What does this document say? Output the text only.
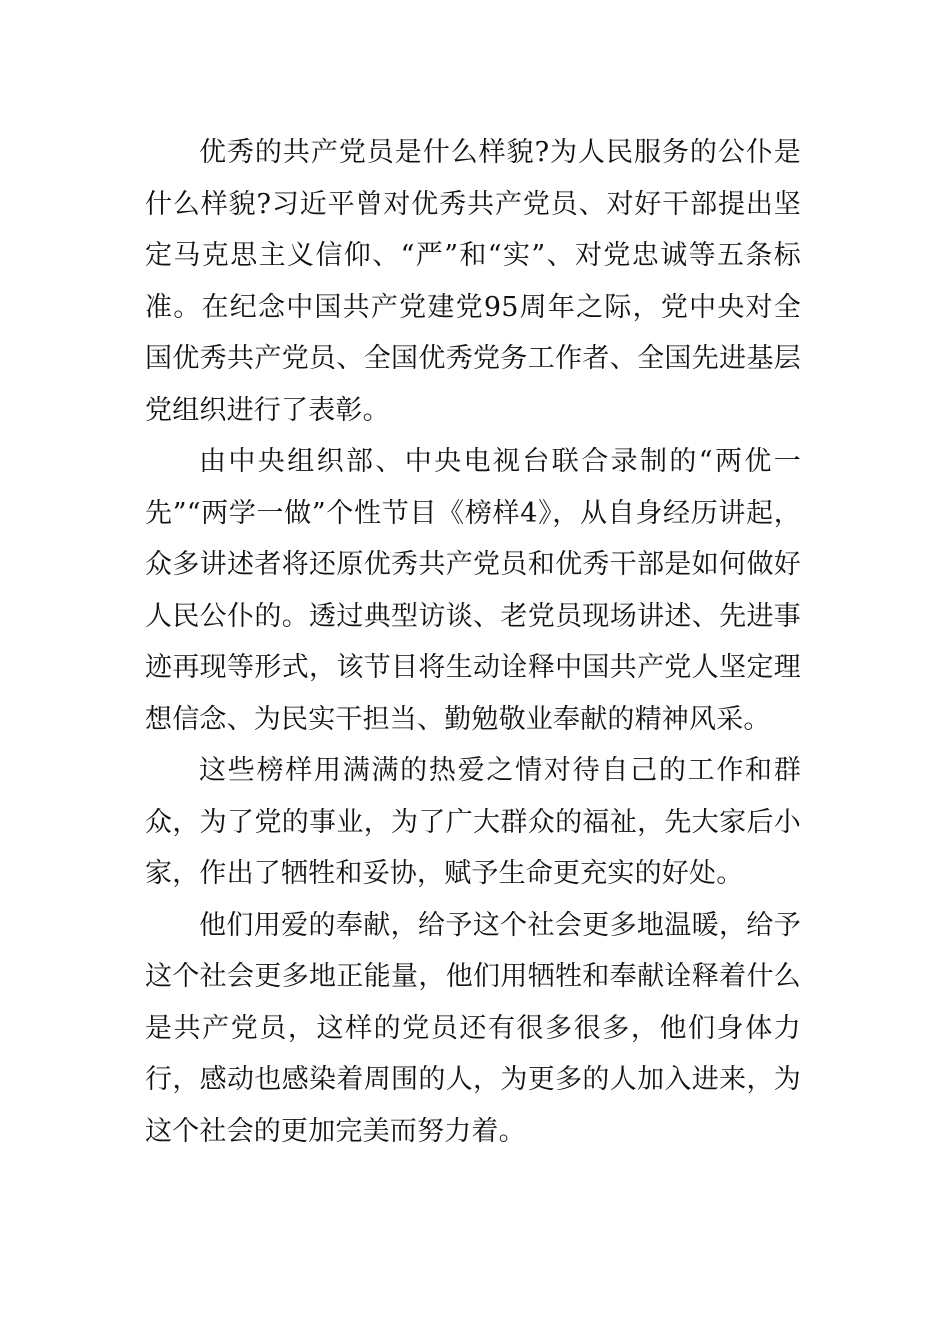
优秀的共产党员是什么样貌?为人民服务的公仆是什么样貌?习近平曾对优秀共产党员、对好干部提出坚定马克思主义信仰、“严”和“实”、对党忠诚等五条标准。在纪念中国共产党建党95周年之际，党中央对全国优秀共产党员、全国优秀党务工作者、全国先进基层党组织进行了表彰。

由中央组织部、中央电视台联合录制的“两优一先”“两学一做”个性节目《榜样4》，从自身经历讲起，众多讲述者将还原优秀共产党员和优秀干部是如何做好人民公仆的。透过典型访谈、老党员现场讲述、先进事迹再现等形式，该节目将生动诠释中国共产党人坚定理想信念、为民实干担当、勤勉敬业奉献的精神风采。

这些榜样用满满的热爱之情对待自己的工作和群众，为了党的事业，为了广大群众的福祉，先大家后小家，作出了牺牲和妥协，赋予生命更充实的好处。

他们用爱的奉献，给予这个社会更多地温暖，给予这个社会更多地正能量，他们用牺牲和奉献诠释着什么是共产党员，这样的党员还有很多很多，他们身体力行，感动也感染着周围的人，为更多的人加入进来，为这个社会的更加完美而努力着。
